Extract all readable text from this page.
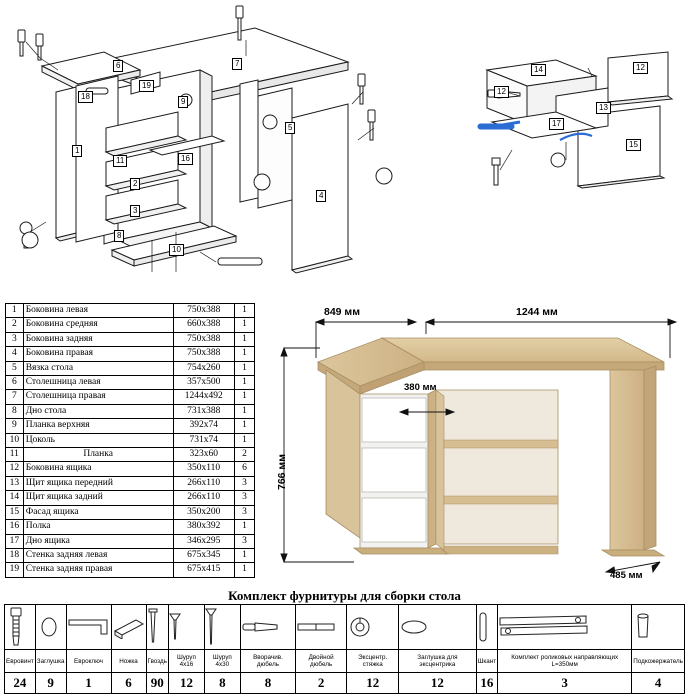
1
2
3
4
5
6	7
8
9
10
11	16
18
19
12
12
13
14
15
17
1	Боковина левая	750x388	1
2	Боковина средняя	660x388	1
3	Боковина задняя	750x388	1
4	Боковина правая	750x388	1
5	Вязка стола	754x260	1
6	Столешница левая	357x500	1
7	Столешница правая	1244x492	1
8	Дно стола	731x388	1
9	Планка верхняя	392x74	1
10	Цоколь	731x74	1
11	Планка	323x60	2
12	Боковина ящика	350x110	6
13	Щит ящика передний	266x110	3
14	Щит ящика задний	266x110	3
15	Фасад ящика	350x200	3
16	Полка	380x392	1
17	Дно ящика	346x295	3
18	Стенка задняя левая	675x345	1
19	Стенка задняя правая	675x415	1
1244 мм
849 мм
766 мм
380 мм
485 мм
Комплект фурнитуры для сборки стола

Евровинт	Заглушка	Евроключ	Ножка	Гвоздь	Шуруп 4х16	Шуруп 4х30	Вворачив. дюбель	Двойной дюбель	Эксцентр. стяжка	Заглушка для эксцентрика	Шкант	Комплект роликовых направляющих L=350мм	Подкожержатель
24	9	1	6	90	12	8	8	2	12	12	16	3	4
